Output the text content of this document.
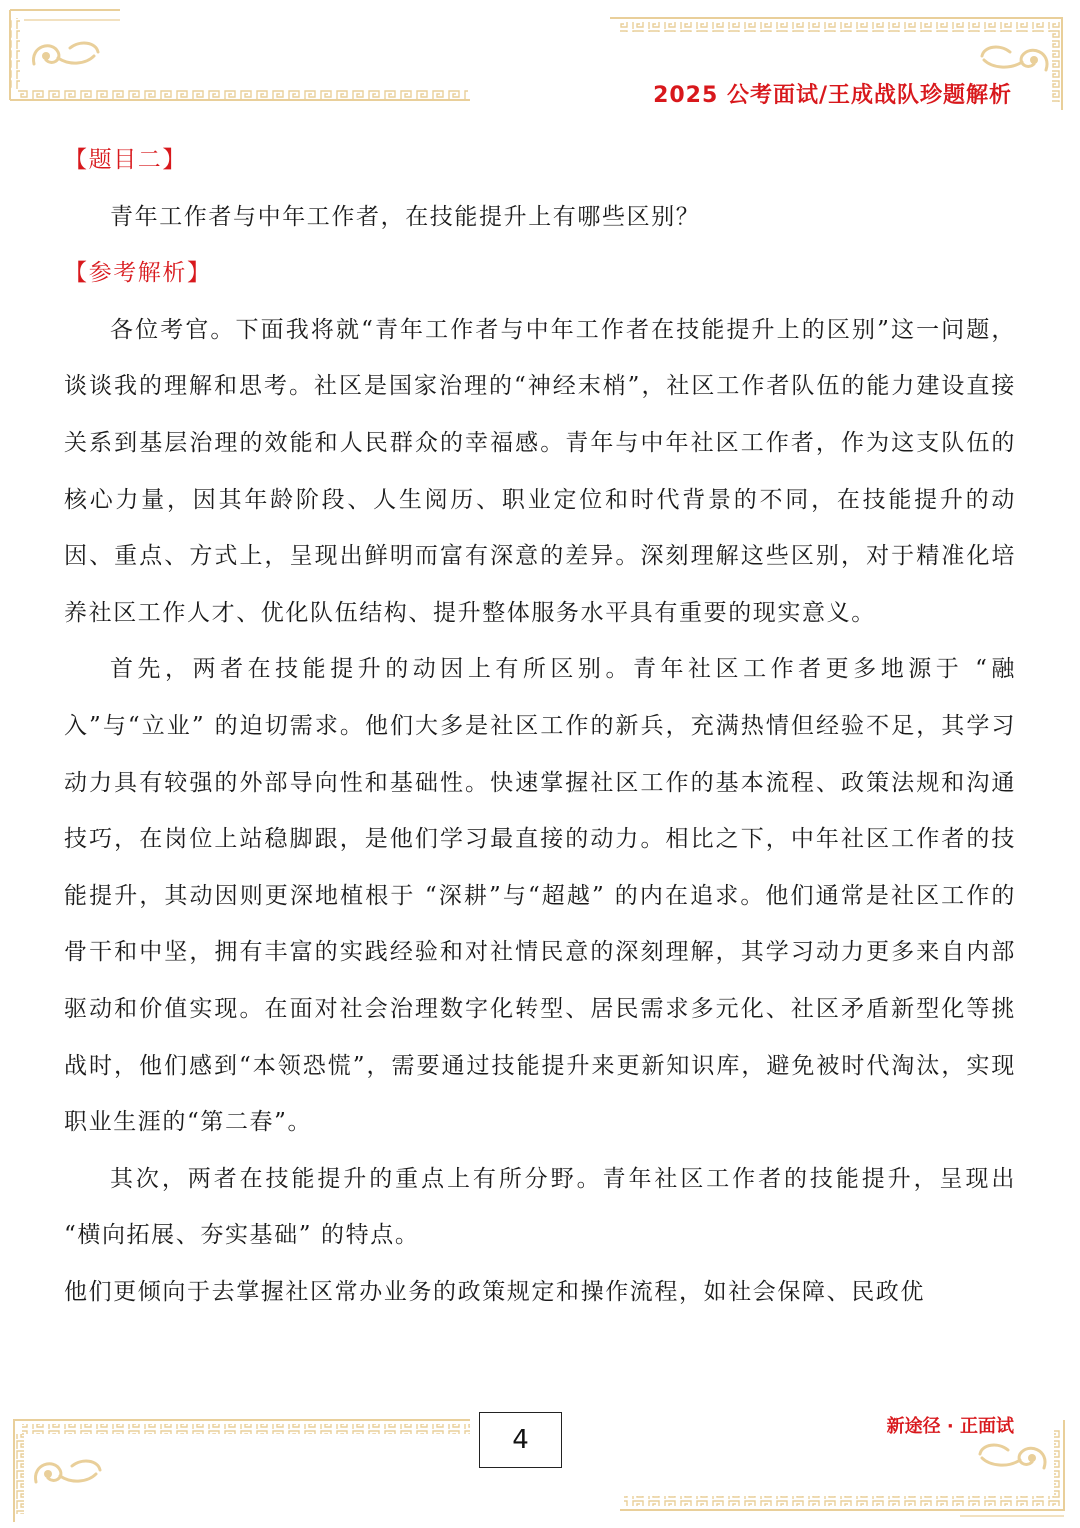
2025 公考面试/王成战队珍题解析

【题目二】

青年工作者与中年工作者，在技能提升上有哪些区别？

【参考解析】

各位考官。下面我将就“青年工作者与中年工作者在技能提升上的区别”这一问题，谈谈我的理解和思考。社区是国家治理的“神经末梢”，社区工作者队伍的能力建设直接关系到基层治理的效能和人民群众的幸福感。青年与中年社区工作者，作为这支队伍的核心力量，因其年龄阶段、人生阅历、职业定位和时代背景的不同，在技能提升的动因、重点、方式上，呈现出鲜明而富有深意的差异。深刻理解这些区别，对于精准化培养社区工作人才、优化队伍结构、提升整体服务水平具有重要的现实意义。

首先，两者在技能提升的动因上有所区别。青年社区工作者更多地源于 “融入”与“立业” 的迫切需求。他们大多是社区工作的新兵，充满热情但经验不足，其学习动力具有较强的外部导向性和基础性。快速掌握社区工作的基本流程、政策法规和沟通技巧，在岗位上站稳脚跟，是他们学习最直接的动力。相比之下，中年社区工作者的技能提升，其动因则更深地植根于 “深耕”与“超越” 的内在追求。他们通常是社区工作的骨干和中坚，拥有丰富的实践经验和对社情民意的深刻理解，其学习动力更多来自内部驱动和价值实现。在面对社会治理数字化转型、居民需求多元化、社区矛盾新型化等挑战时，他们感到“本领恐慌”，需要通过技能提升来更新知识库，避免被时代淘汰，实现职业生涯的“第二春”。

其次，两者在技能提升的重点上有所分野。青年社区工作者的技能提升，呈现出 “横向拓展、夯实基础” 的特点。

他们更倾向于去掌握社区常办业务的政策规定和操作流程，如社会保障、民政优

4	新途径 · 正面试
